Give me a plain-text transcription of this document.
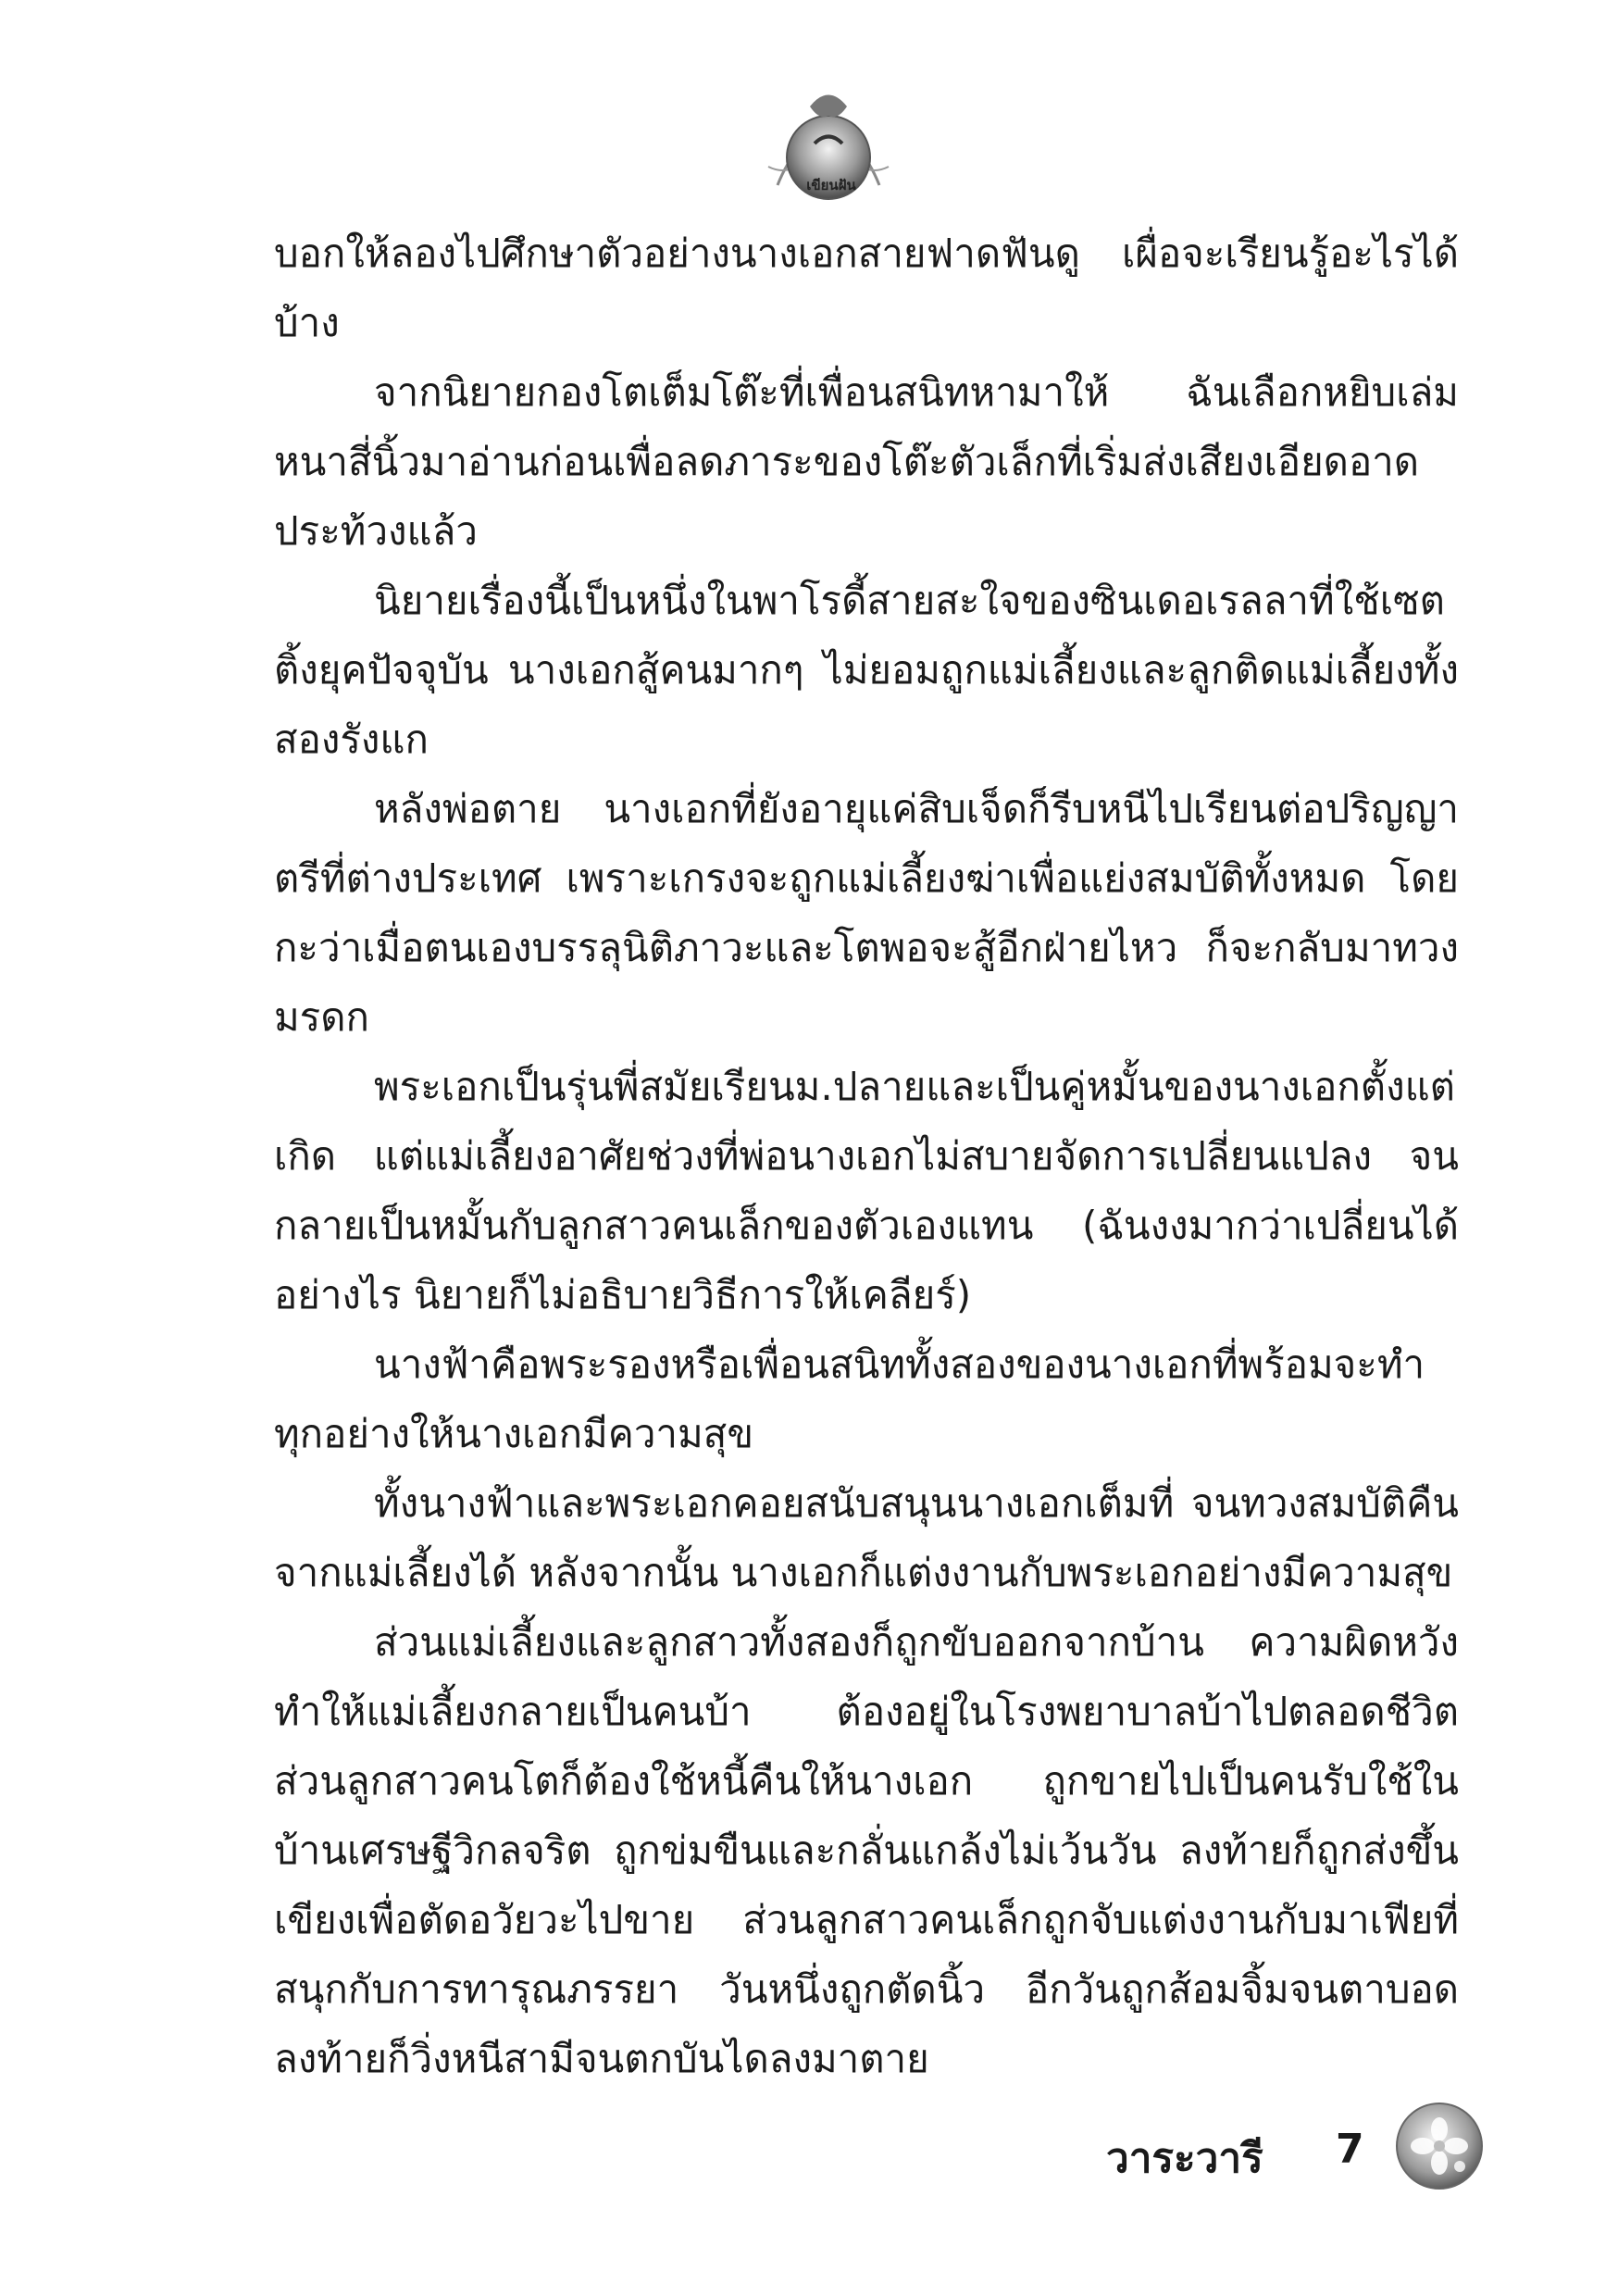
เขียนฝัน

บอกให้ลองไปศึกษาตัวอย่างนางเอกสายฟาดฟันดู เผื่อจะเรียนรู้อะไรได้บ้าง

จากนิยายกองโตเต็มโต๊ะที่เพื่อนสนิทหามาให้ ฉันเลือกหยิบเล่มหนาสี่นิ้วมาอ่านก่อนเพื่อลดภาระของโต๊ะตัวเล็กที่เริ่มส่งเสียงเอียดอาดประท้วงแล้ว

นิยายเรื่องนี้เป็นหนึ่งในพาโรดี้สายสะใจของซินเดอเรลลาที่ใช้เซตติ้งยุคปัจจุบัน นางเอกสู้คนมากๆ ไม่ยอมถูกแม่เลี้ยงและลูกติดแม่เลี้ยงทั้งสองรังแก

หลังพ่อตาย นางเอกที่ยังอายุแค่สิบเจ็ดก็รีบหนีไปเรียนต่อปริญญาตรีที่ต่างประเทศ เพราะเกรงจะถูกแม่เลี้ยงฆ่าเพื่อแย่งสมบัติทั้งหมด โดยกะว่าเมื่อตนเองบรรลุนิติภาวะและโตพอจะสู้อีกฝ่ายไหว ก็จะกลับมาทวงมรดก

พระเอกเป็นรุ่นพี่สมัยเรียนม.ปลายและเป็นคู่หมั้นของนางเอกตั้งแต่เกิด แต่แม่เลี้ยงอาศัยช่วงที่พ่อนางเอกไม่สบายจัดการเปลี่ยนแปลง จนกลายเป็นหมั้นกับลูกสาวคนเล็กของตัวเองแทน (ฉันงงมากว่าเปลี่ยนได้อย่างไร นิยายก็ไม่อธิบายวิธีการให้เคลียร์)

นางฟ้าคือพระรองหรือเพื่อนสนิททั้งสองของนางเอกที่พร้อมจะทำทุกอย่างให้นางเอกมีความสุข

ทั้งนางฟ้าและพระเอกคอยสนับสนุนนางเอกเต็มที่ จนทวงสมบัติคืนจากแม่เลี้ยงได้ หลังจากนั้น นางเอกก็แต่งงานกับพระเอกอย่างมีความสุข

ส่วนแม่เลี้ยงและลูกสาวทั้งสองก็ถูกขับออกจากบ้าน ความผิดหวังทำให้แม่เลี้ยงกลายเป็นคนบ้า ต้องอยู่ในโรงพยาบาลบ้าไปตลอดชีวิต ส่วนลูกสาวคนโตก็ต้องใช้หนี้คืนให้นางเอก ถูกขายไปเป็นคนรับใช้ในบ้านเศรษฐีวิกลจริต ถูกข่มขืนและกลั่นแกล้งไม่เว้นวัน ลงท้ายก็ถูกส่งขึ้นเขียงเพื่อตัดอวัยวะไปขาย ส่วนลูกสาวคนเล็กถูกจับแต่งงานกับมาเฟียที่สนุกกับการทารุณภรรยา วันหนึ่งถูกตัดนิ้ว อีกวันถูกส้อมจิ้มจนตาบอด ลงท้ายก็วิ่งหนีสามีจนตกบันไดลงมาตาย

วาระวารี 7
